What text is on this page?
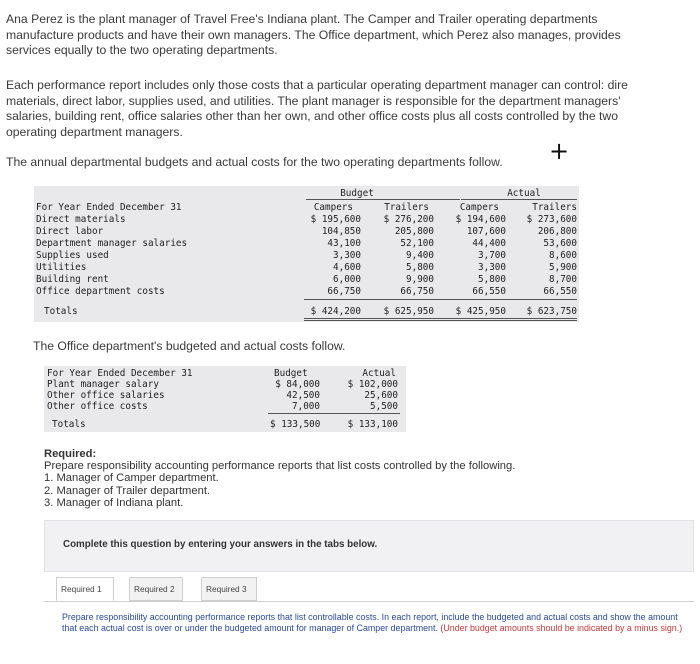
Ana Perez is the plant manager of Travel Free's Indiana plant. The Camper and Trailer operating departments
manufacture products and have their own managers. The Office department, which Perez also manages, provides
services equally to the two operating departments.
Each performance report includes only those costs that a particular operating department manager can control: dire
materials, direct labor, supplies used, and utilities. The plant manager is responsible for the department managers'
salaries, building rent, office salaries other than her own, and other office costs plus all costs controlled by the two
operating department managers.
The annual departmental budgets and actual costs for the two operating departments follow.	+
Budget	Actual
For Year Ended December 31	Campers	Trailers	Campers	Trailers
Direct materials	$ 195,600	$ 276,200	$ 194,600	$ 273,600
Direct labor	104,850	205,800	107,600	206,800
Department manager salaries	43,100	52,100	44,400	53,600
Supplies used	3,300	9,400	3,700	8,600
Utilities	4,600	5,800	3,300	5,900
Building rent	6,000	9,900	5,800	8,700
Office department costs	66,750	66,750	66,550	66,550
Totals	$ 424,200	$ 625,950	$ 425,950	$ 623,750
The Office department's budgeted and actual costs follow.
For Year Ended December 31	Budget	Actual
Plant manager salary	$ 84,000	$ 102,000
Other office salaries	42,500	25,600
Other office costs	7,000	5,500
Totals	$ 133,500	$ 133,100
Required:
Prepare responsibility accounting performance reports that list costs controlled by the following.
1. Manager of Camper department.
2. Manager of Trailer department.
3. Manager of Indiana plant.
Complete this question by entering your answers in the tabs below.
Required 1	Required 2	Required 3
Prepare responsibility accounting performance reports that list controllable costs. In each report, include the budgeted and actual costs and show the amount that each actual cost is over or under the budgeted amount for manager of Camper department. (Under budget amounts should be indicated by a minus sign.)
